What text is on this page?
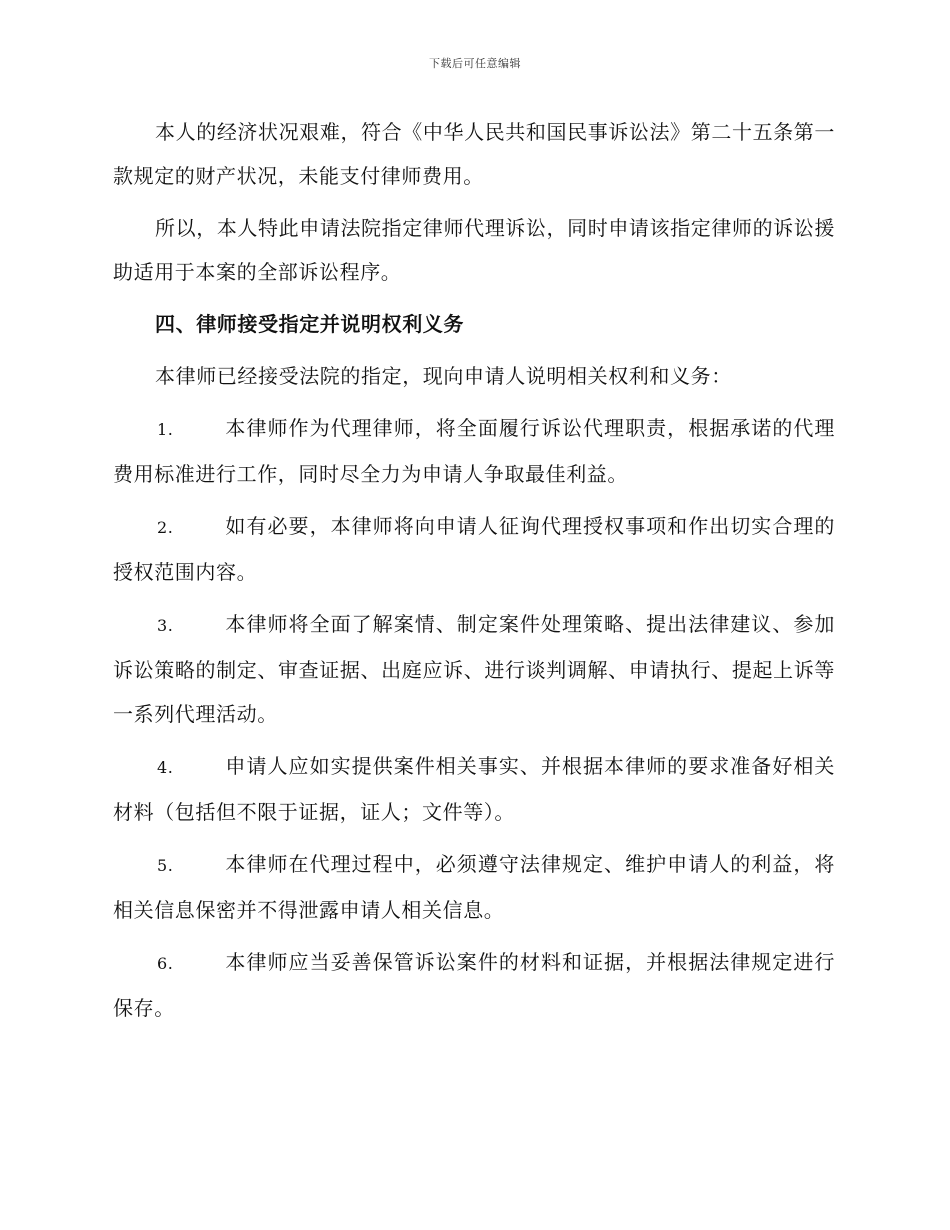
下载后可任意编辑

本人的经济状况艰难，符合《中华人民共和国民事诉讼法》第二十五条第一款规定的财产状况，未能支付律师费用。

所以，本人特此申请法院指定律师代理诉讼，同时申请该指定律师的诉讼援助适用于本案的全部诉讼程序。

四、律师接受指定并说明权利义务

本律师已经接受法院的指定，现向申请人说明相关权利和义务：

1.	本律师作为代理律师，将全面履行诉讼代理职责，根据承诺的代理费用标准进行工作，同时尽全力为申请人争取最佳利益。

2.	如有必要，本律师将向申请人征询代理授权事项和作出切实合理的授权范围内容。

3.	本律师将全面了解案情、制定案件处理策略、提出法律建议、参加诉讼策略的制定、审查证据、出庭应诉、进行谈判调解、申请执行、提起上诉等一系列代理活动。

4.	申请人应如实提供案件相关事实、并根据本律师的要求准备好相关材料（包括但不限于证据，证人；文件等）。

5.	本律师在代理过程中，必须遵守法律规定、维护申请人的利益，将相关信息保密并不得泄露申请人相关信息。

6.	本律师应当妥善保管诉讼案件的材料和证据，并根据法律规定进行保存。
